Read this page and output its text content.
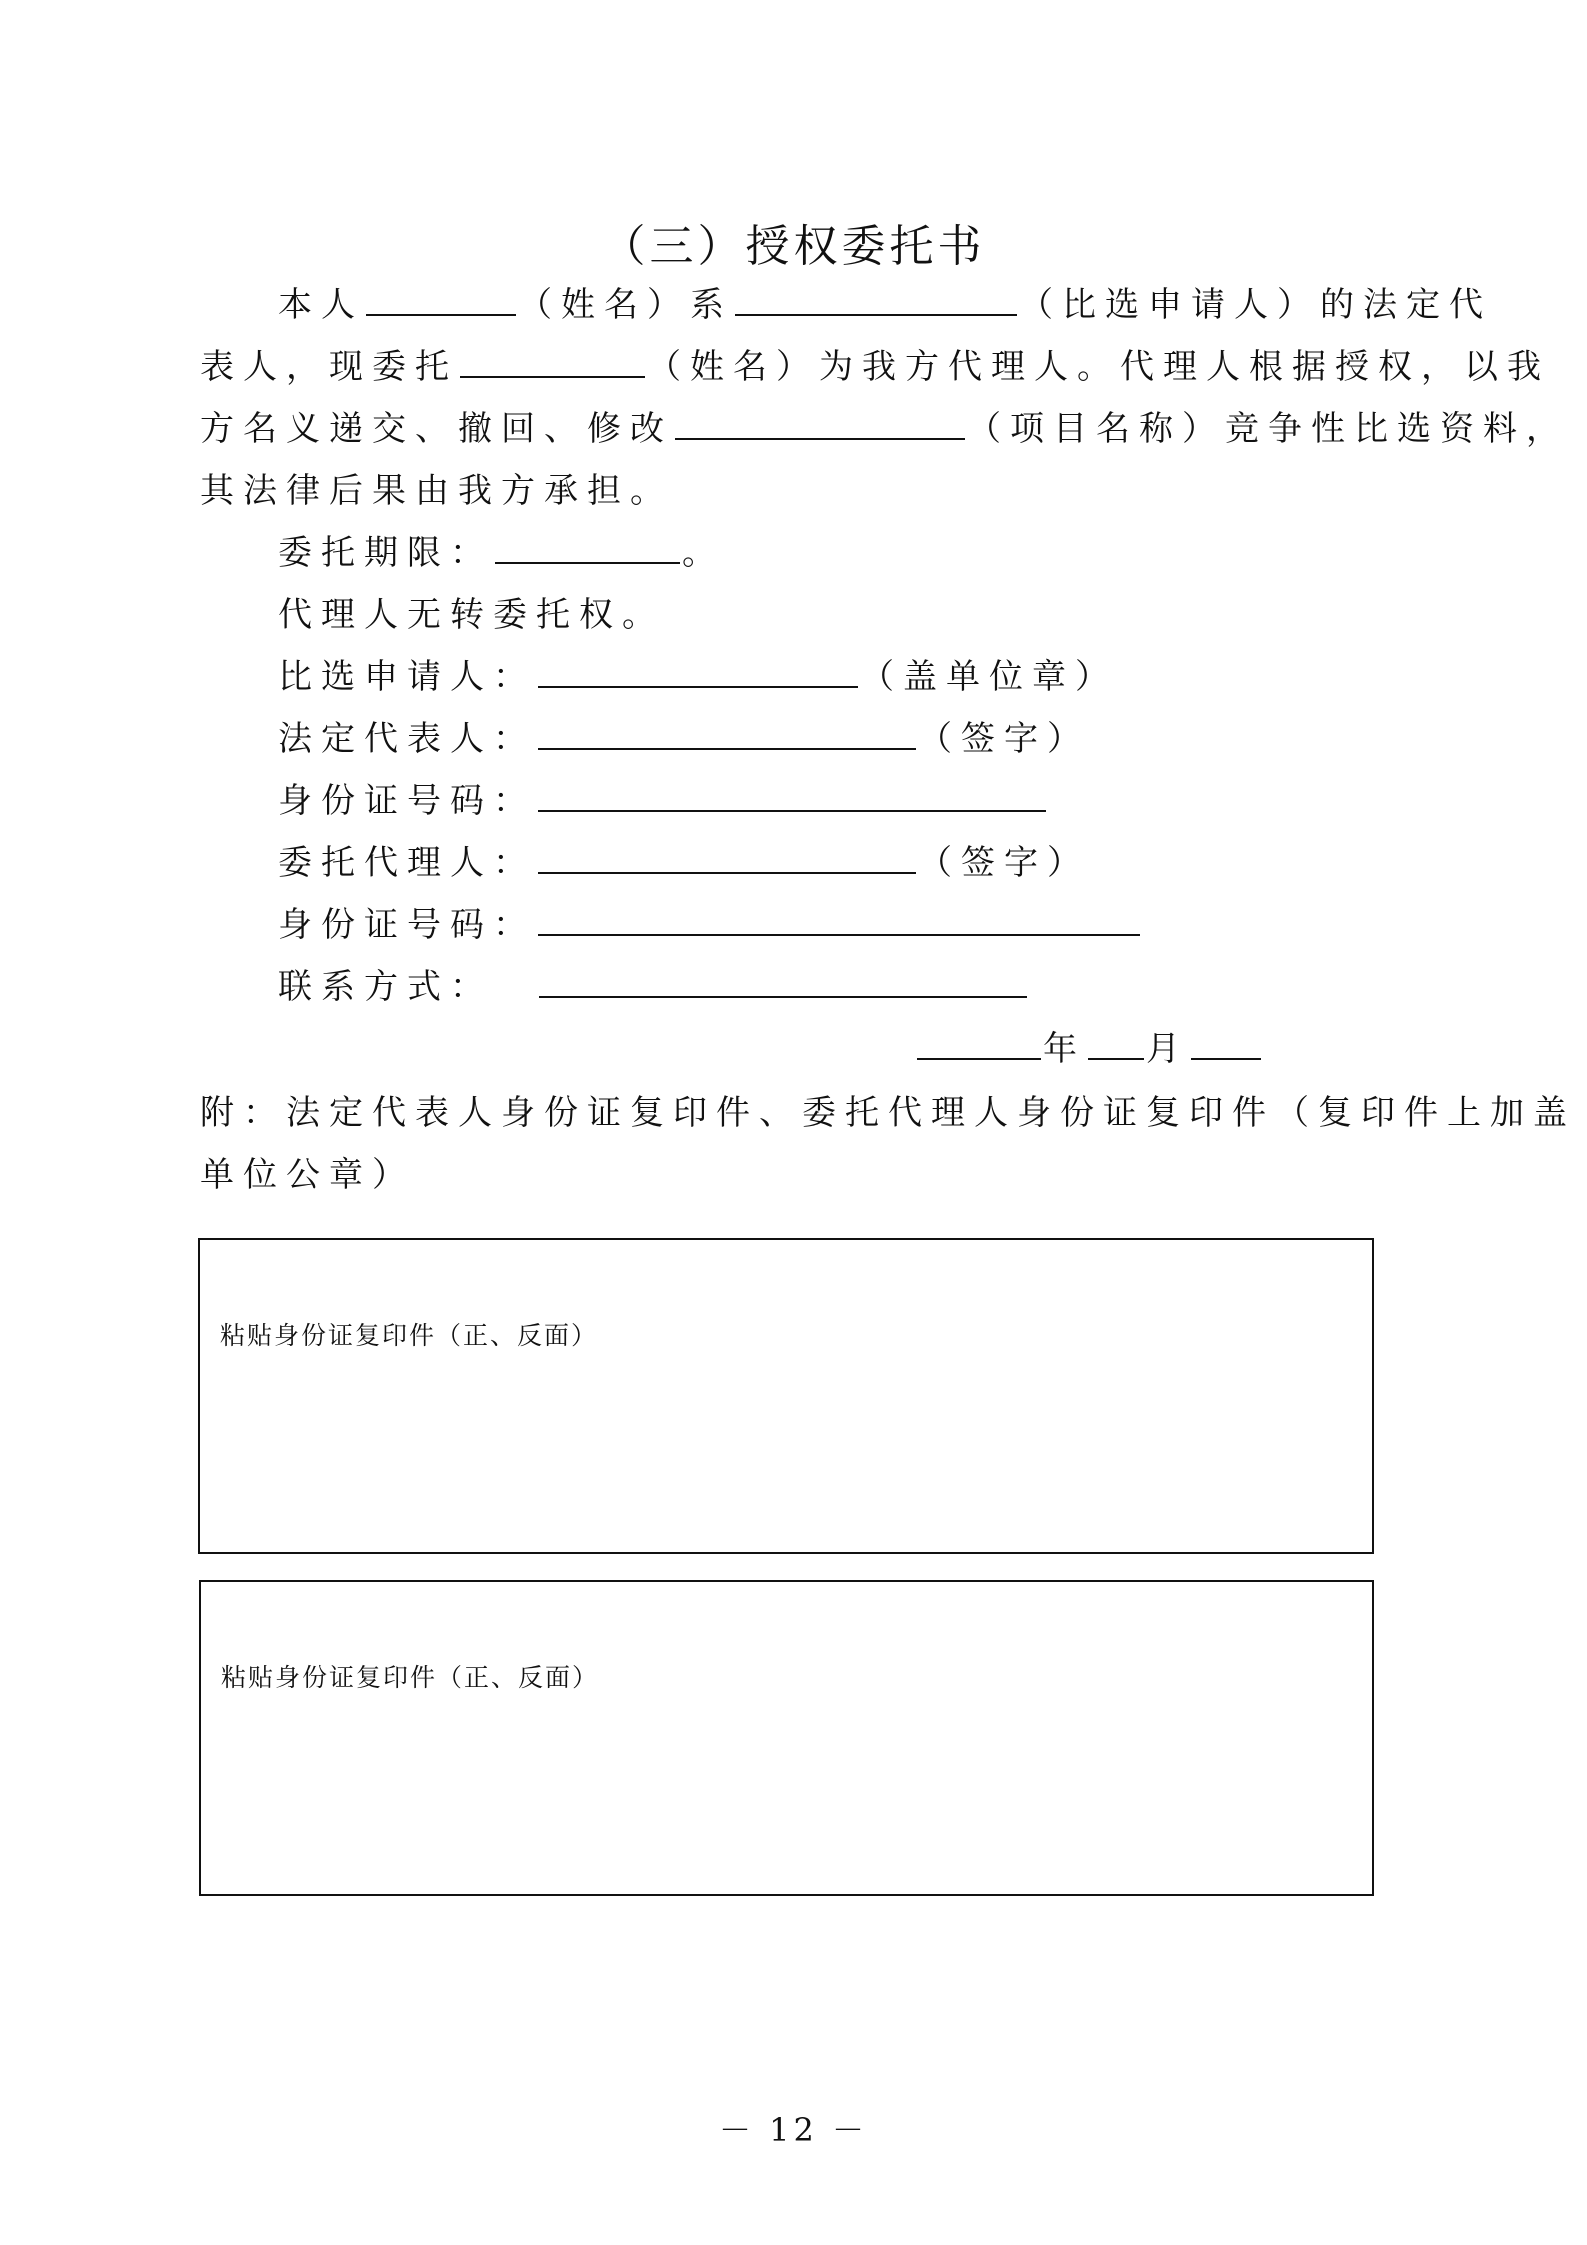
（三）授权委托书
本人	（姓名）系	（比选申请人）的法定代
表人，现委托	（姓名）为我方代理人。代理人根据授权，以我
方名义递交、撤回、修改	（项目名称）竞争性比选资料，
其法律后果由我方承担。
委托期限：	。
代理人无转委托权。
比选申请人：	（盖单位章）
法定代表人：	（签字）
身份证号码：
委托代理人：	（签字）
身份证号码：
联系方式：
年 月
附：法定代表人身份证复印件、委托代理人身份证复印件（复印件上加盖
单位公章）
粘贴身份证复印件（正、反面）
粘贴身份证复印件（正、反面）
－ 12 －
